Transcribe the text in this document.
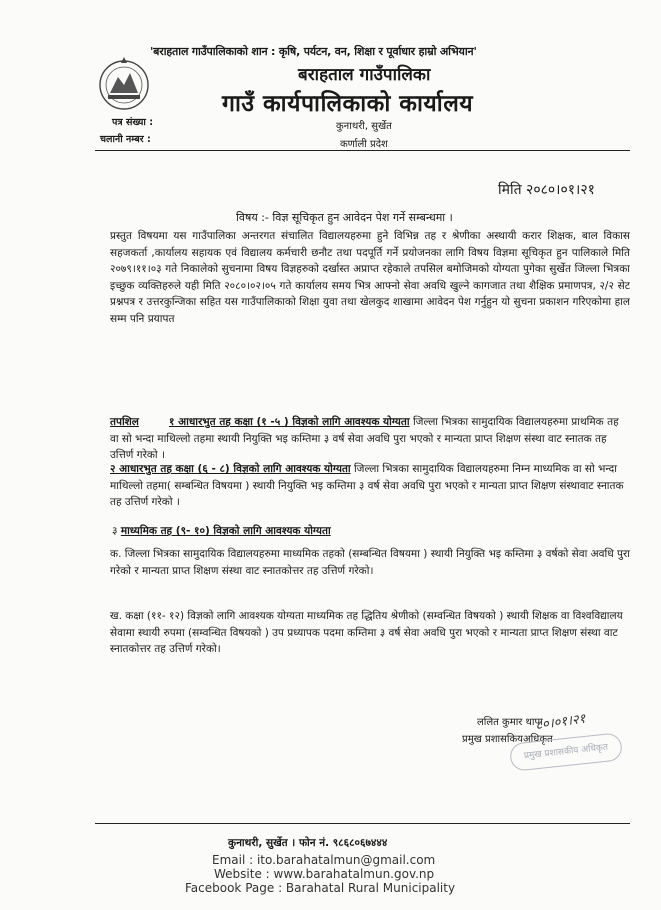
'बराहताल गाउँपालिकाको शान : कृषि, पर्यटन, वन, शिक्षा र पूर्वाधार हाम्रो अभियान'
बराहताल गाउँपालिका
गाउँ कार्यपालिकाको कार्यालय
कुनाथरी, सुर्खेत
कर्णाली प्रदेश
पत्र संख्या :
चलानी नम्बर :
मिति २०८०।०१।२१
विषय :- विज्ञ सूचिकृत हुन आवेदन पेश गर्ने सम्बन्धमा ।
प्रस्तुत विषयमा यस गाउँपालिका अन्तरगत संचालित विद्यालयहरुमा हुने विभिन्न तह र श्रेणीका अस्थायी करार शिक्षक, बाल विकास सहजकर्ता ,कार्यालय सहायक एवं विद्यालय कर्मचारी छनौट तथा पदपूर्ति गर्ने प्रयोजनका लागि विषय विज्ञमा सूचिकृत हुन पालिकाले मिति २०७९।११।०३ गते निकालेको सुचनामा विषय विज्ञहरुको दर्खास्त अप्राप्त रहेकाले तपसिल बमोजिमको योग्यता पुगेका सुर्खेत जिल्ला भित्रका इच्छुक व्यक्तिहरुले यही मिति २०८०।०२।०५ गते कार्यालय समय भित्र आफ्नो सेवा अवधि खुल्ने कागजात तथा शैक्षिक प्रमाणपत्र, २/२ सेट प्रश्नपत्र र उत्तरकुन्जिका सहित यस गाउँपालिकाको शिक्षा युवा तथा खेलकुद शाखामा आवेदन पेश गर्नुहुन यो सुचना प्रकाशन गरिएकोमा हाल सम्म पनि प्रयापत
तपशिल	१ आधारभुत तह कक्षा (१ -५ ) विज्ञको लागि आवश्यक योग्यता जिल्ला भित्रका सामुदायिक विद्यालयहरुमा प्राथमिक तह वा सो भन्दा माथिल्लो तहमा स्थायी नियुक्ति भइ कम्तिमा ३ वर्ष सेवा अवधि पुरा भएको र मान्यता प्राप्त शिक्षण संस्था वाट स्नातक तह उत्तिर्ण गरेको ।
२ आधारभुत तह कक्षा (६ - ८) विज्ञको लागि आवश्यक योग्यता जिल्ला भित्रका सामुदायिक विद्यालयहरुमा निम्न माध्यमिक वा सो भन्दा माथिल्लो तहमा( सम्बन्धित विषयमा ) स्थायी नियुक्ति भइ कम्तिमा ३ वर्ष सेवा अवधि पुरा भएको र मान्यता प्राप्त शिक्षण संस्थावाट स्नातक तह उत्तिर्ण गरेको ।
३ माध्यमिक तह (९- १०) विज्ञको लागि आवश्यक योग्यता
क. जिल्ला भित्रका सामुदायिक विद्यालयहरुमा माध्यमिक तहको (सम्बन्धित विषयमा ) स्थायी नियुक्ति भइ कम्तिमा ३ वर्षको सेवा अवधि पुरा गरेको र मान्यता प्राप्त शिक्षण संस्था वाट स्नातकोत्तर तह उत्तिर्ण गरेको।
ख. कक्षा (११- १२) विज्ञको लागि आवश्यक योग्यता माध्यमिक तह द्धितिय श्रेणीको (सम्वन्धित विषयको ) स्थायी शिक्षक वा विश्वविद्यालय सेवामा स्थायी रुपमा (सम्वन्धित विषयको ) उप प्रध्यापक पदमा कम्तिमा ३ वर्ष सेवा अवधि पुरा भएको र मान्यता प्राप्त शिक्षण संस्था वाट स्नातकोत्तर तह उत्तिर्ण गरेको।
ललित कुमार थापा
प्रमुख प्रशासकियअधिकृत
८०।०१।२१
प्रमुख प्रशासकीय अधिकृत
कुनाथरी, सुर्खेत । फोन नं. ९८६८०६७४४४
Email : ito.barahatalmun@gmail.com
Website : www.barahatalmun.gov.np
Facebook Page : Barahatal Rural Municipality
